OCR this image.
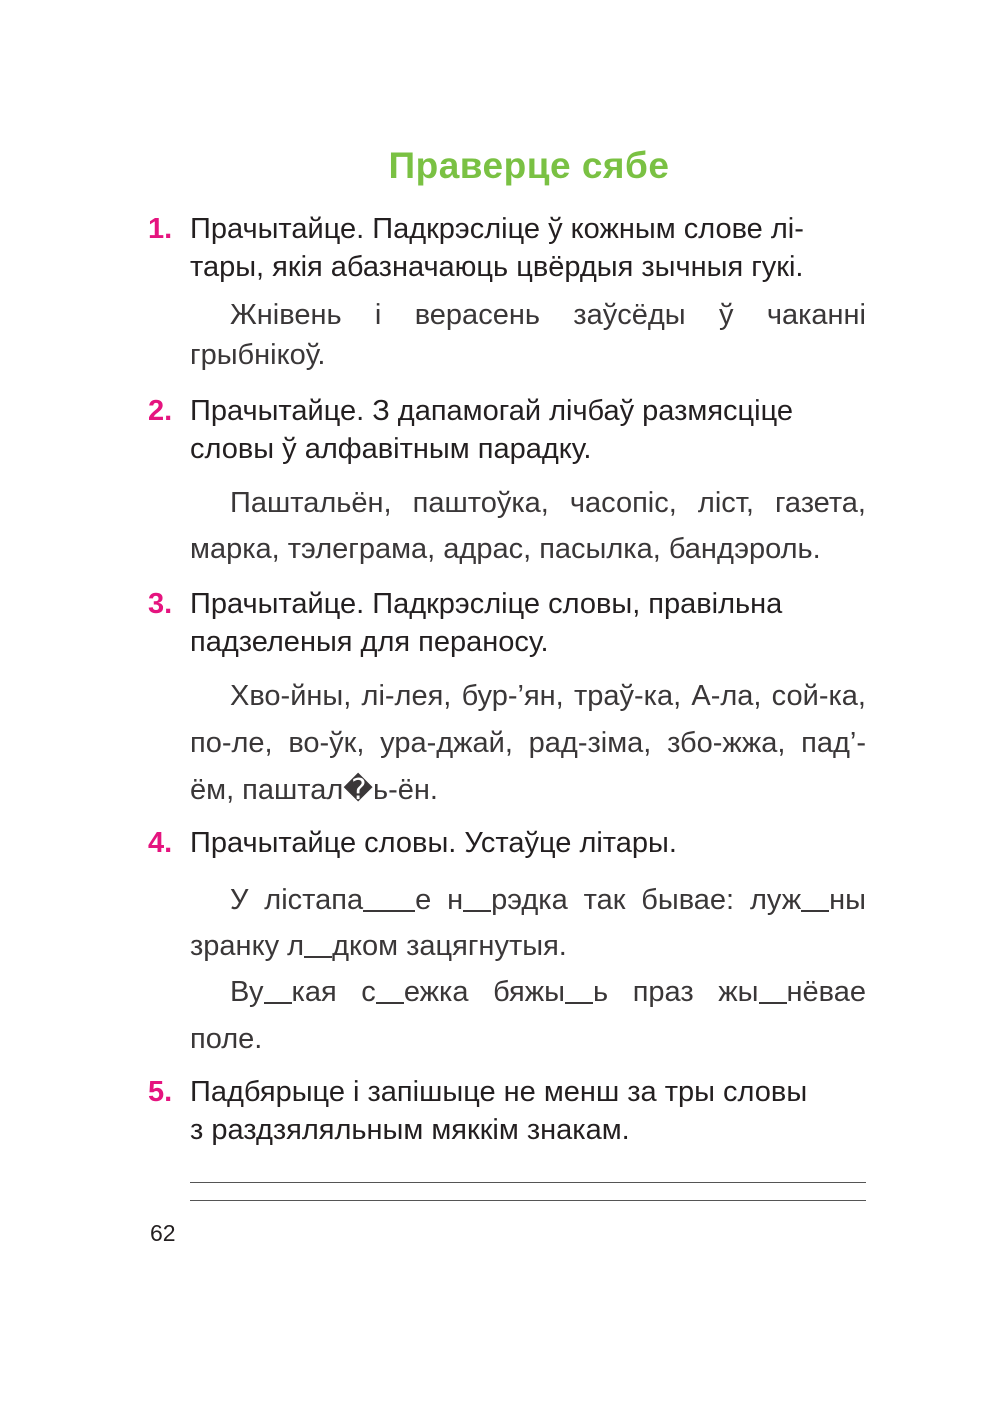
Праверце сябе
1. Прачытайце. Падкрэсліце ў кожным слове лі-
тары, якія абазначаюць цвёрдыя зычныя гукі.
Жнівень і верасень заўсёды ў чаканні грыбнікоў.
2. Прачытайце. З дапамогай лічбаў размясціце
словы ў алфавітным парадку.
Паштальён, паштоўка, часопіс, ліст, газета, марка, тэлеграма, адрас, пасылка, бандэроль.
3. Прачытайце. Падкрэсліце словы, правільна
падзеленыя для пераносу.
Хво-йны, лі-лея, бур-’ян, траў-ка, А-ла, сой-ка, по-ле, во-ўк, ура-джай, рад-зіма, збо-жжа, пад’-ём, паштал�ь-ён.
4. Прачытайце словы. Устаўце літары.
У лістапа е н рэдка так бывае: луж ны зранку л дком зацягнутыя.
Ву кая с ежка бяжы ь праз жы нёвае поле.
5. Падбярыце і запішыце не менш за тры словы
з раздзяляльным мяккім знакам.
62
